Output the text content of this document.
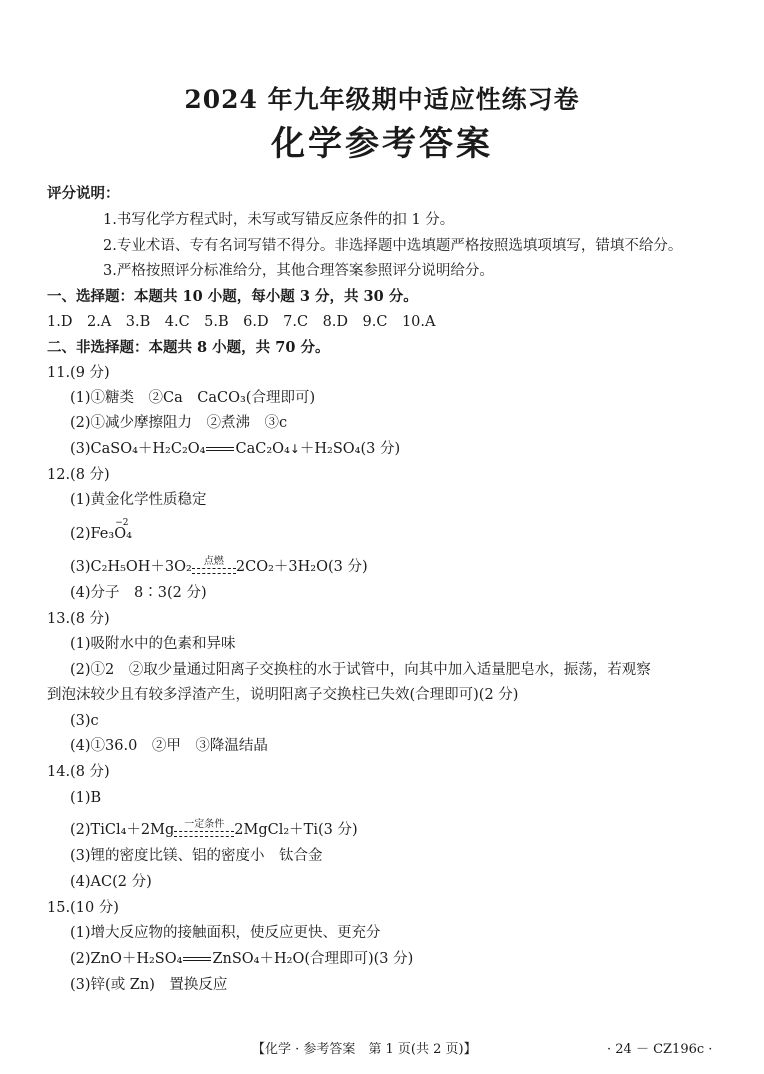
2024 年九年级期中适应性练习卷
化学参考答案
评分说明：
1.书写化学方程式时，未写或写错反应条件的扣 1 分。
2.专业术语、专有名词写错不得分。非选择题中选填题严格按照选填项填写，错填不给分。
3.严格按照评分标准给分，其他合理答案参照评分说明给分。
一、选择题：本题共 10 小题，每小题 3 分，共 30 分。
1.D　2.A　3.B　4.C　5.B　6.D　7.C　8.D　9.C　10.A
二、非选择题：本题共 8 小题，共 70 分。
11.(9 分)
(1)①糖类　②Ca　CaCO₃(合理即可)
(2)①减少摩擦阻力　②煮沸　③c
(3)CaSO₄＋H₂C₂O₄ CaC₂O₄↓＋H₂SO₄(3 分)
12.(8 分)
(1)黄金化学性质稳定
(2)Fe₃
−2
O₄
(3)C₂H₅OH＋3O₂	点燃 2CO₂＋3H₂O(3 分)
(4)分子　8∶3(2 分)
13.(8 分)
(1)吸附水中的色素和异味
(2)①2　②取少量通过阳离子交换柱的水于试管中，向其中加入适量肥皂水，振荡，若观察
到泡沫较少且有较多浮渣产生，说明阳离子交换柱已失效(合理即可)(2 分)
(3)c
(4)①36.0　②甲　③降温结晶
14.(8 分)
(1)B
(2)TiCl₄＋2Mg	一定条件 2MgCl₂＋Ti(3 分)
(3)锂的密度比镁、铝的密度小　钛合金
(4)AC(2 分)
15.(10 分)
(1)增大反应物的接触面积，使反应更快、更充分
(2)ZnO＋H₂SO₄ ZnSO₄＋H₂O(合理即可)(3 分)
(3)锌(或 Zn)　置换反应
【化学 · 参考答案　第 1 页(共 2 页)】	· 24 － CZ196c ·
